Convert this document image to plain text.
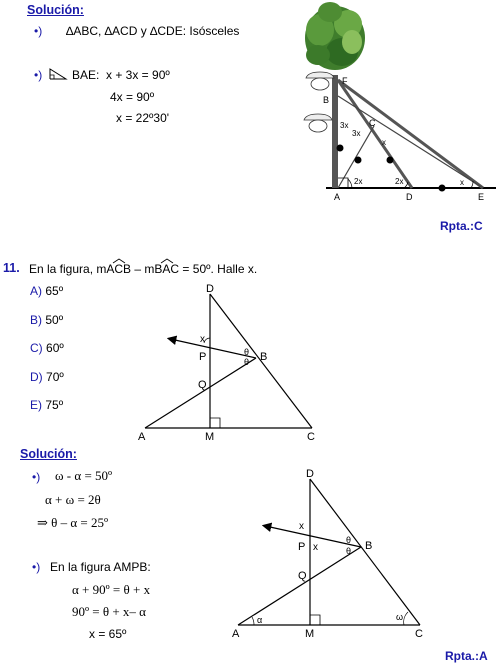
Solución:
•) ∆ABC, ∆ACD y ∆CDE: Isósceles
•) BAE: x + 3x = 90º
4x = 90º
x = 22º30'
F
B
C
A	D	E
3x
3x
x
2x	2x	x
Rpta.:C
11. En la figura, mACB
– mBAC
= 50º. Halle x.
A) 65º
B) 50º
C) 60º
D) 70º
E) 75º
D
x
P	B
θ
θ
Q
A	M	C
Solución:
•) ω - α = 50º
α + ω = 2θ
⇒ θ – α = 25º
•) En la figura AMPB:
α + 90º = θ + x
90º = θ + x– α
x = 65º
D
x
x
P
θ
θ B
Q
A	M	C
α	ω
Rpta.:A
